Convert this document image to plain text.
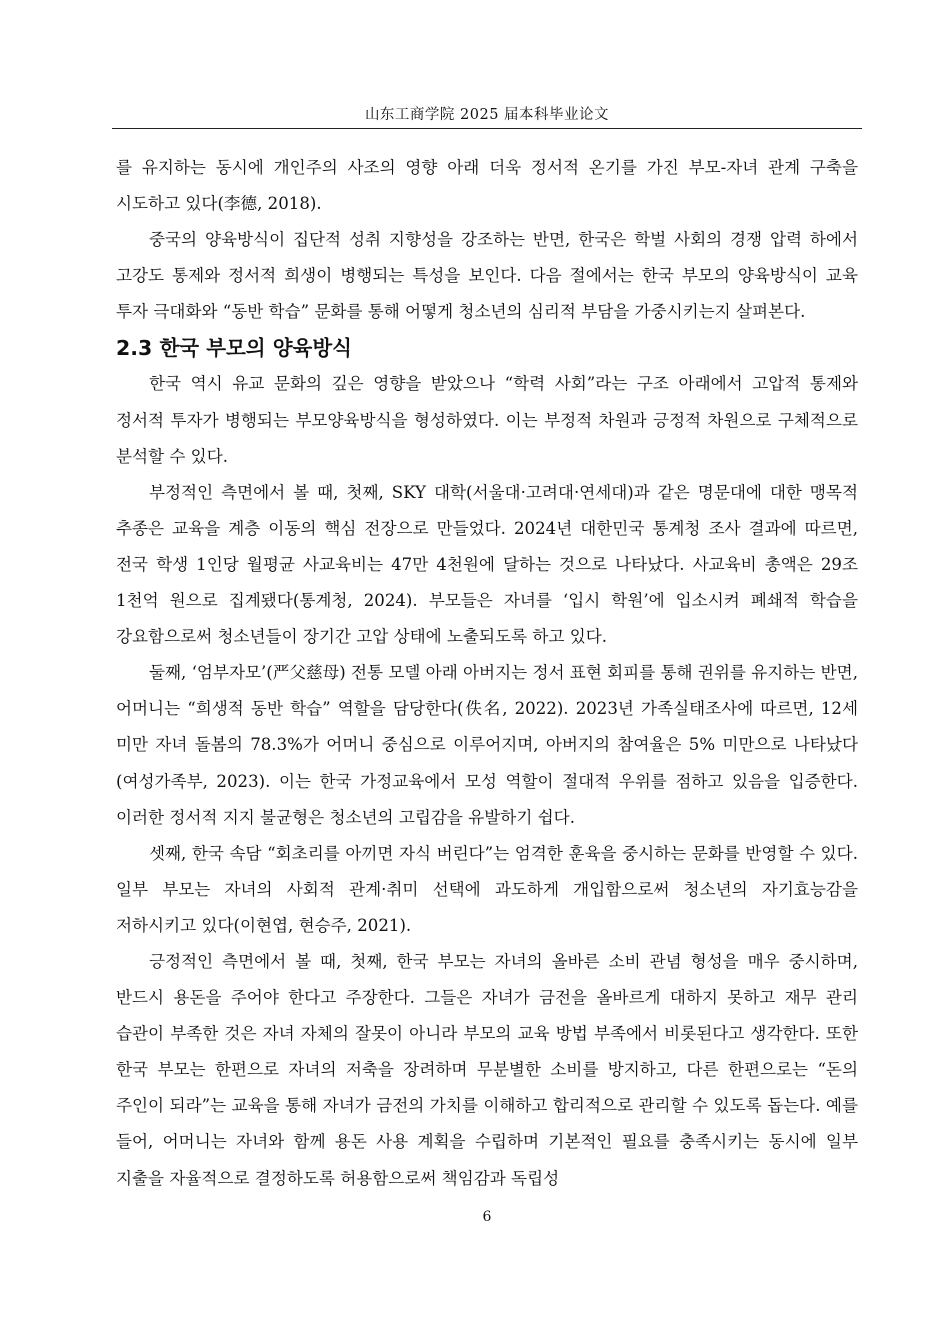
山东工商学院 2025 届本科毕业论文

를 유지하는 동시에 개인주의 사조의 영향 아래 더욱 정서적 온기를 가진 부모-자녀 관계 구축을 시도하고 있다(李德, 2018).

중국의 양육방식이 집단적 성취 지향성을 강조하는 반면, 한국은 학벌 사회의 경쟁 압력 하에서 고강도 통제와 정서적 희생이 병행되는 특성을 보인다. 다음 절에서는 한국 부모의 양육방식이 교육 투자 극대화와 “동반 학습” 문화를 통해 어떻게 청소년의 심리적 부담을 가중시키는지 살펴본다.

2.3 한국 부모의 양육방식

한국 역시 유교 문화의 깊은 영향을 받았으나 “학력 사회”라는 구조 아래에서 고압적 통제와 정서적 투자가 병행되는 부모양육방식을 형성하였다. 이는 부정적 차원과 긍정적 차원으로 구체적으로 분석할 수 있다.

부정적인 측면에서 볼 때, 첫째, SKY 대학(서울대·고려대·연세대)과 같은 명문대에 대한 맹목적 추종은 교육을 계층 이동의 핵심 전장으로 만들었다. 2024년 대한민국 통계청 조사 결과에 따르면, 전국 학생 1인당 월평균 사교육비는 47만 4천원에 달하는 것으로 나타났다. 사교육비 총액은 29조 1천억 원으로 집계됐다(통계청, 2024). 부모들은 자녀를 ‘입시 학원’에 입소시켜 폐쇄적 학습을 강요함으로써 청소년들이 장기간 고압 상태에 노출되도록 하고 있다.

둘째, ‘엄부자모’(严父慈母) 전통 모델 아래 아버지는 정서 표현 회피를 통해 권위를 유지하는 반면, 어머니는 “희생적 동반 학습” 역할을 담당한다(佚名, 2022). 2023년 가족실태조사에 따르면, 12세 미만 자녀 돌봄의 78.3%가 어머니 중심으로 이루어지며, 아버지의 참여율은 5% 미만으로 나타났다(여성가족부, 2023). 이는 한국 가정교육에서 모성 역할이 절대적 우위를 점하고 있음을 입증한다. 이러한 정서적 지지 불균형은 청소년의 고립감을 유발하기 쉽다.

셋째, 한국 속담 “회초리를 아끼면 자식 버린다”는 엄격한 훈육을 중시하는 문화를 반영할 수 있다. 일부 부모는 자녀의 사회적 관계·취미 선택에 과도하게 개입함으로써 청소년의 자기효능감을 저하시키고 있다(이현엽, 현승주, 2021).

긍정적인 측면에서 볼 때, 첫째, 한국 부모는 자녀의 올바른 소비 관념 형성을 매우 중시하며, 반드시 용돈을 주어야 한다고 주장한다. 그들은 자녀가 금전을 올바르게 대하지 못하고 재무 관리 습관이 부족한 것은 자녀 자체의 잘못이 아니라 부모의 교육 방법 부족에서 비롯된다고 생각한다. 또한 한국 부모는 한편으로 자녀의 저축을 장려하며 무분별한 소비를 방지하고, 다른 한편으로는 “돈의 주인이 되라”는 교육을 통해 자녀가 금전의 가치를 이해하고 합리적으로 관리할 수 있도록 돕는다. 예를 들어, 어머니는 자녀와 함께 용돈 사용 계획을 수립하며 기본적인 필요를 충족시키는 동시에 일부 지출을 자율적으로 결정하도록 허용함으로써 책임감과 독립성

6
